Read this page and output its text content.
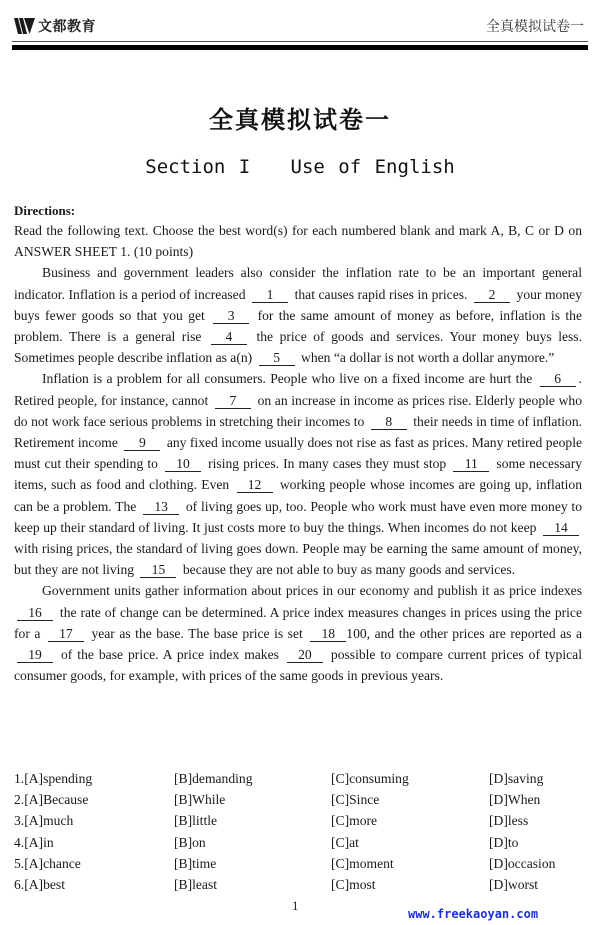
文都教育	全真模拟试卷一
全真模拟试卷一
Section I   Use of English
Directions:

Read the following text. Choose the best word(s) for each numbered blank and mark A, B, C or D on ANSWER SHEET 1. (10 points)

Business and government leaders also consider the inflation rate to be an important general indicator. Inflation is a period of increased 1 that causes rapid rises in prices. 2 your money buys fewer goods so that you get 3 for the same amount of money as before, inflation is the problem. There is a general rise 4 the price of goods and services. Your money buys less. Sometimes people describe inflation as a(n) 5 when “a dollar is not worth a dollar anymore.”

Inflation is a problem for all consumers. People who live on a fixed income are hurt the 6 . Retired people, for instance, cannot 7 on an increase in income as prices rise. Elderly people who do not work face serious problems in stretching their incomes to 8 their needs in time of inflation. Retirement income 9 any fixed income usually does not rise as fast as prices. Many retired people must cut their spending to 10 rising prices. In many cases they must stop 11 some necessary items, such as food and clothing. Even 12 working people whose incomes are going up, inflation can be a problem. The 13 of living goes up, too. People who work must have even more money to keep up their standard of living. It just costs more to buy the things. When incomes do not keep 14 with rising prices, the standard of living goes down. People may be earning the same amount of money, but they are not living 15 because they are not able to buy as many goods and services.

Government units gather information about prices in our economy and publish it as price indexes 16 the rate of change can be determined. A price index measures changes in prices using the price for a 17 year as the base. The base price is set 18 100, and the other prices are reported as a 19 of the base price. A price index makes 20 possible to compare current prices of typical consumer goods, for example, with prices of the same goods in previous years.

1.[A]spending	[B]demanding	[C]consuming	[D]saving
2.[A]Because	[B]While	[C]Since	[D]When
3.[A]much	[B]little	[C]more	[D]less
4.[A]in	[B]on	[C]at	[D]to
5.[A]chance	[B]time	[C]moment	[D]occasion
6.[A]best	[B]least	[C]most	[D]worst
1
www.freekaoyan.com
